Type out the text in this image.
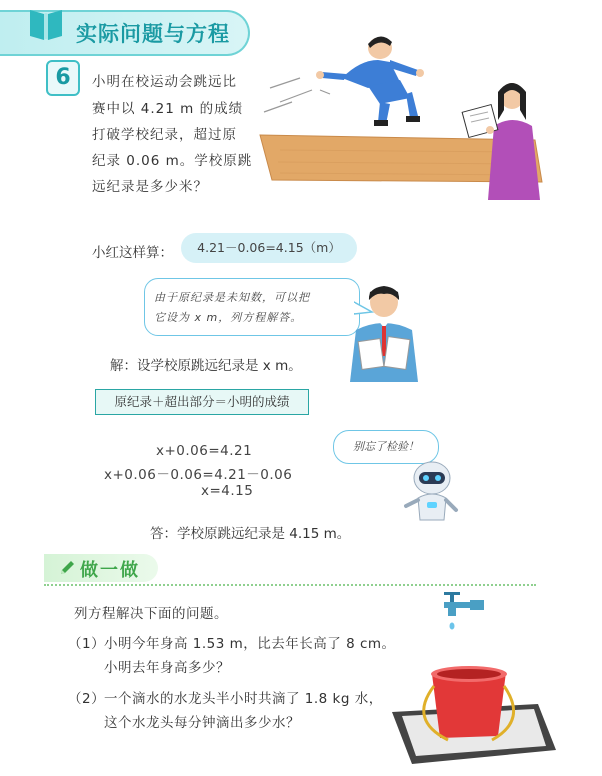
实际问题与方程
6	小明在校运动会跳远比
赛中以 4.21 m 的成绩
打破学校纪录，超过原
纪录 0.06 m。学校原跳
远纪录是多少米？
小红这样算：	4.21－0.06=4.15（m）
由于原纪录是未知数，可以把
它设为 x m，列方程解答。
解：设学校原跳远纪录是 x m。
原纪录＋超出部分＝小明的成绩
x+0.06=4.21
x+0.06－0.06=4.21－0.06
x=4.15
别忘了检验！
答：学校原跳远纪录是 4.15 m。
做一做
列方程解决下面的问题。
（1）
小明今年身高 1.53 m，比去年长高了 8 cm。
小明去年身高多少？
（2）
一个滴水的水龙头半小时共滴了 1.8 kg 水，
这个水龙头每分钟滴出多少水？
